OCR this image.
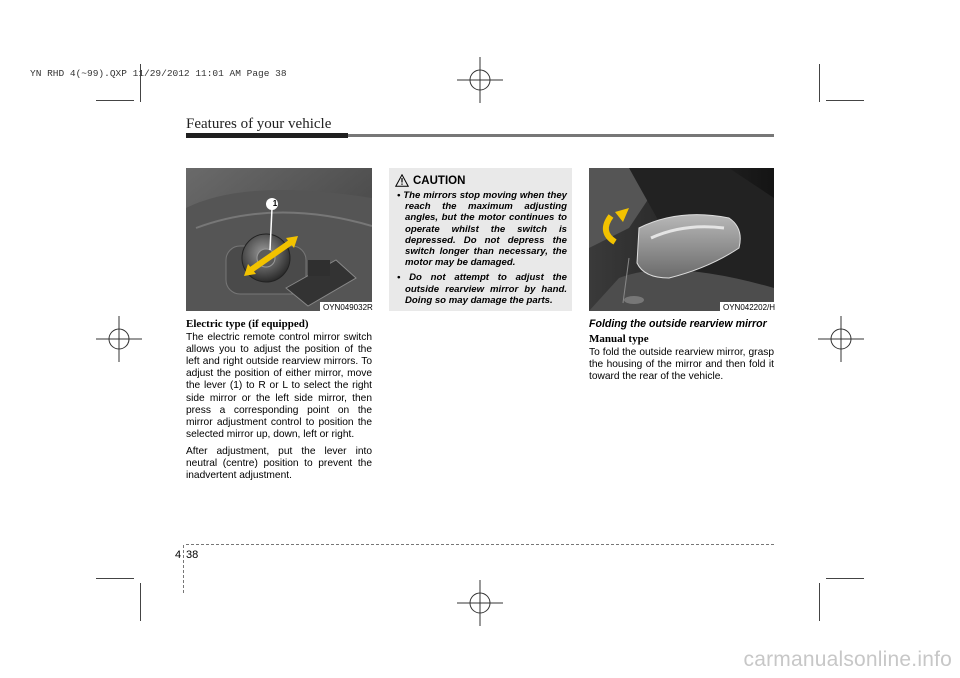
YN RHD 4(~99).QXP 11/29/2012 11:01 AM Page 38
Features of your vehicle
1
OYN049032R
Electric type (if equipped)

The electric remote control mirror switch allows you to adjust the position of the left and right outside rearview mirrors. To adjust the position of either mirror, move the lever (1) to R or L to select the right side mirror or the left side mirror, then press a corresponding point on the mirror adjustment control to position the selected mirror up, down, left or right.

After adjustment, put the lever into neutral (centre) position to prevent the inadvertent adjustment.

CAUTION
• The mirrors stop moving when they reach the maximum adjusting angles, but the motor continues to operate whilst the switch is depressed. Do not depress the switch longer than necessary, the motor may be damaged.
• Do not attempt to adjust the outside rearview mirror by hand. Doing so may damage the parts.
OYN042202/H
Folding the outside rearview mirror
Manual type

To fold the outside rearview mirror, grasp the housing of the mirror and then fold it toward the rear of the vehicle.

4 38
carmanualsonline.info
